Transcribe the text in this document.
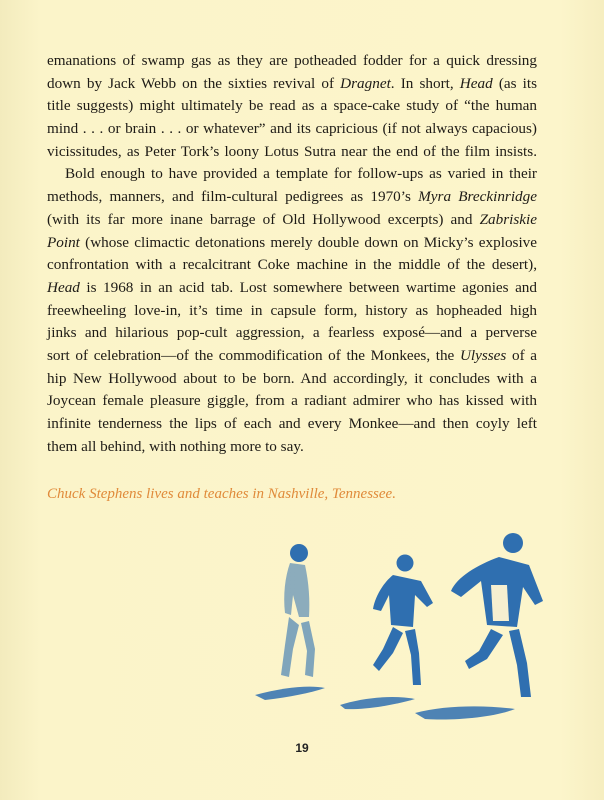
emanations of swamp gas as they are potheaded fodder for a quick dressing
down by Jack Webb on the sixties revival of Dragnet. In short, Head (as its
title suggests) might ultimately be read as a space-cake study of “the human
mind . . . or brain . . . or whatever” and its capricious (if not always capacious)
vicissitudes, as Peter Tork’s loony Lotus Sutra near the end of the film insists.
Bold enough to have provided a template for follow-ups as varied in their
methods, manners, and film-cultural pedigrees as 1970’s Myra Breckinridge
(with its far more inane barrage of Old Hollywood excerpts) and Zabriskie
Point (whose climactic detonations merely double down on Micky’s explosive
confrontation with a recalcitrant Coke machine in the middle of the desert),
Head is 1968 in an acid tab. Lost somewhere between wartime agonies and
freewheeling love-in, it’s time in capsule form, history as hopheaded high
jinks and hilarious pop-cult aggression, a fearless exposé—and a perverse
sort of celebration—of the commodification of the Monkees, the Ulysses of a
hip New Hollywood about to be born. And accordingly, it concludes with a
Joycean female pleasure giggle, from a radiant admirer who has kissed with
infinite tenderness the lips of each and every Monkee—and then coyly left
them all behind, with nothing more to say.
Chuck Stephens lives and teaches in Nashville, Tennessee.
19
